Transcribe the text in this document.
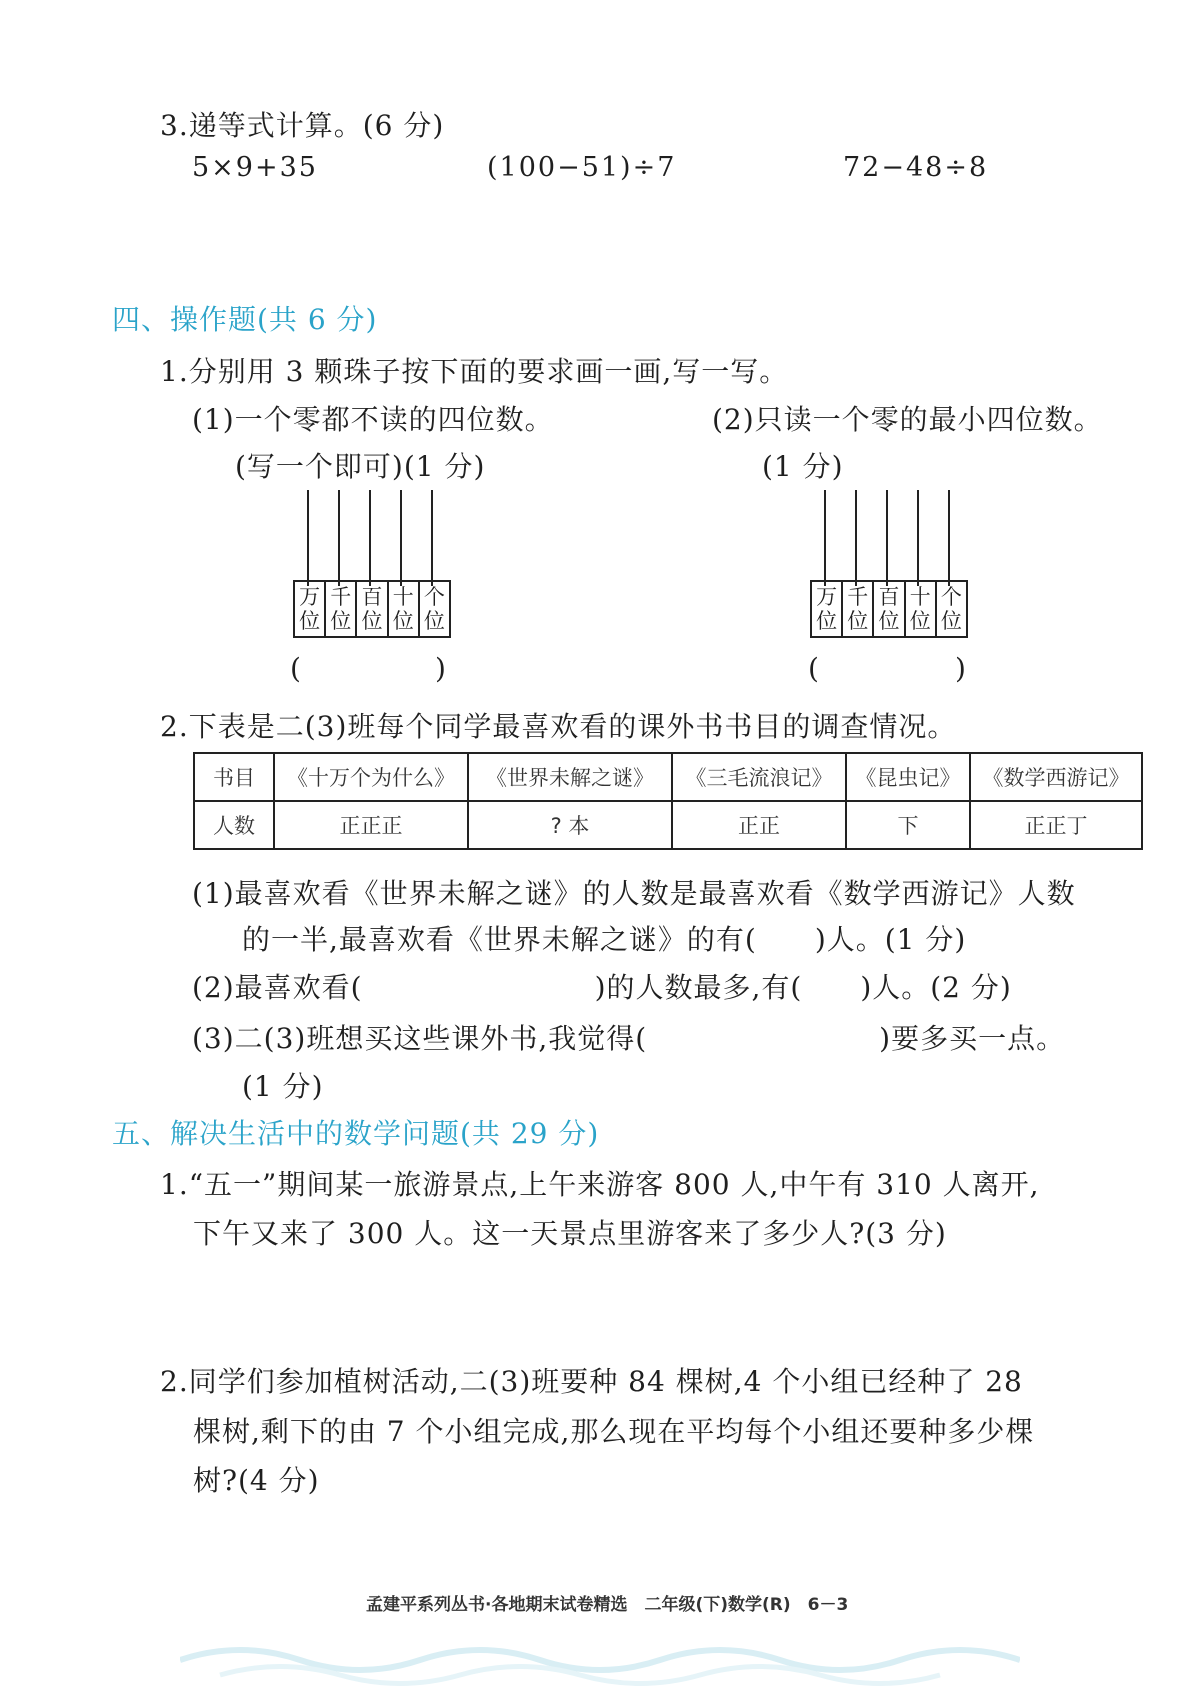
3.递等式计算。(6 分)
5×9+35	(100−51)÷7	72−48÷8
四、操作题(共 6 分)
1.分别用 3 颗珠子按下面的要求画一画,写一写。
(1)一个零都不读的四位数。
(写一个即可)(1 分)
(2)只读一个零的最小四位数。
(1 分)
万
位
千
位
百
位
十
位
个
位
(	)
万
位
千
位
百
位
十
位
个
位
(	)
2.下表是二(3)班每个同学最喜欢看的课外书书目的调查情况。
书目	《十万个为什么》	《世界未解之谜》	《三毛流浪记》	《昆虫记》	《数学西游记》
人数	正正正	? 本	正正	下	正正丁
(1)最喜欢看《世界未解之谜》的人数是最喜欢看《数学西游记》人数
的一半,最喜欢看《世界未解之谜》的有(　　)人。(1 分)
(2)最喜欢看(　　　　　　　　)的人数最多,有(　　)人。(2 分)
(3)二(3)班想买这些课外书,我觉得(　　　　　　　　)要多买一点。
(1 分)
五、解决生活中的数学问题(共 29 分)
1.“五一”期间某一旅游景点,上午来游客 800 人,中午有 310 人离开,
下午又来了 300 人。这一天景点里游客来了多少人?(3 分)
2.同学们参加植树活动,二(3)班要种 84 棵树,4 个小组已经种了 28
棵树,剩下的由 7 个小组完成,那么现在平均每个小组还要种多少棵
树?(4 分)
孟建平系列丛书·各地期末试卷精选　二年级(下)数学(R)　6－3
